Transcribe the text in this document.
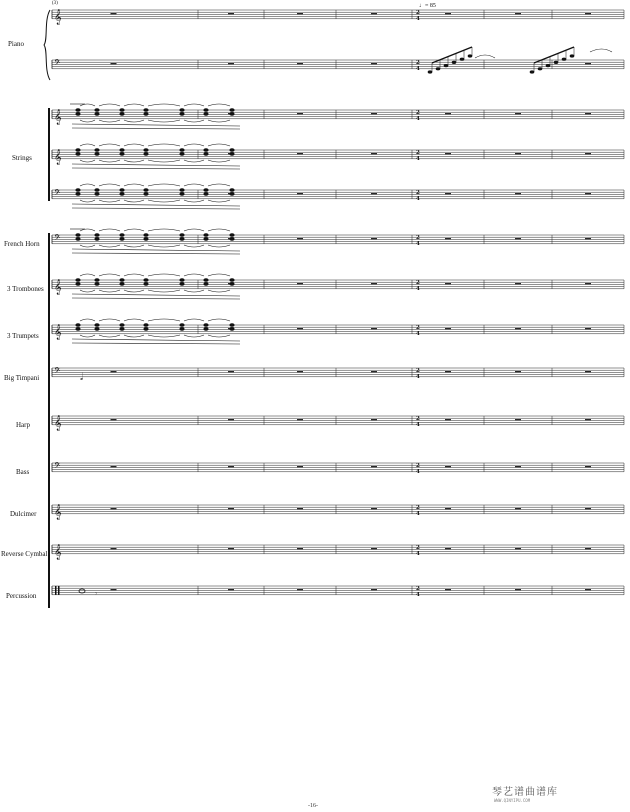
Piano
Strings
French Horn
3 Trombones
3 Trumpets
Big Timpani
Harp
Bass
Dulcimer
Reverse Cymbal
Percussion
(3)	♩= 85
-16-
琴艺谱曲谱库
WWW.QINYIPU.COM
𝄞	2
4
𝄢	2
4
𝄞	2
4
𝄞	2
4
𝄢	2
4
𝄢	2
4
𝄞	2
4
𝄞	2
4
𝄢	2
4
𝄞	2
4
𝄢	2
4
𝄞	2
4
𝄞	2
4
2
4
𝅗𝅥
𝄾
